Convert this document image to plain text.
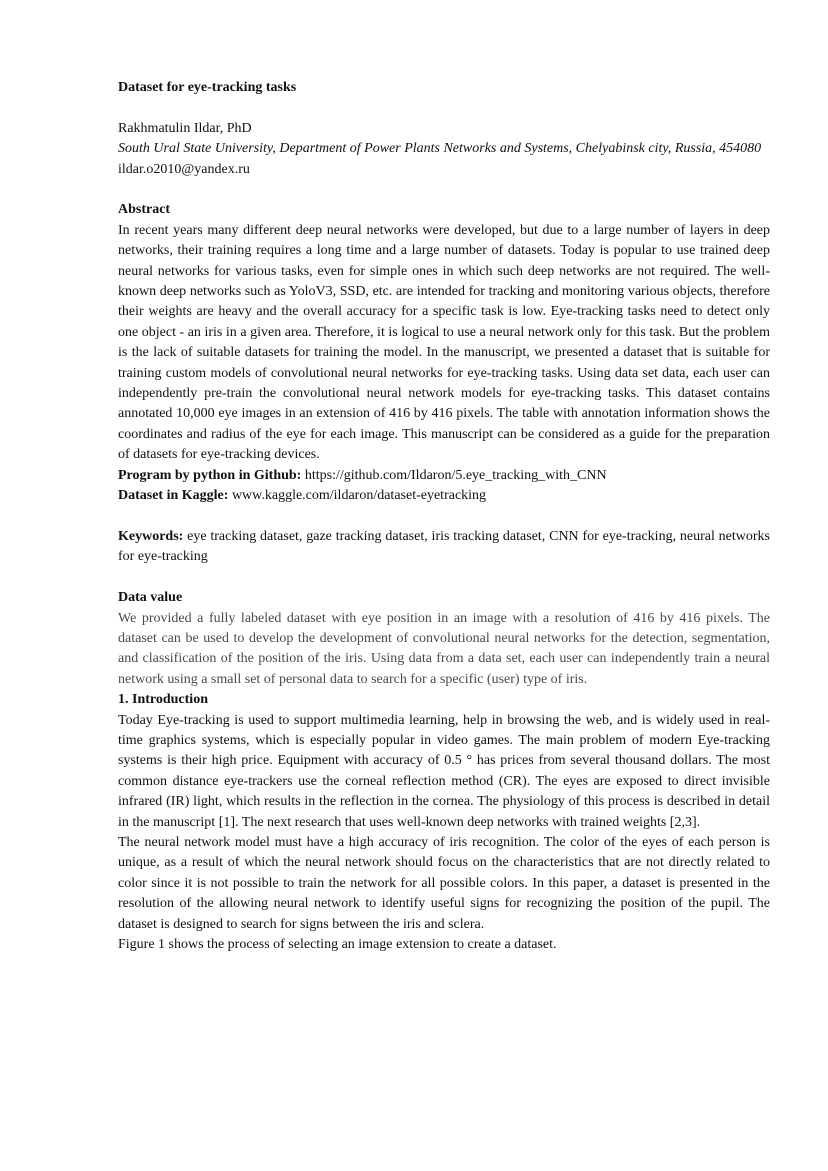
Dataset for eye-tracking tasks
Rakhmatulin Ildar, PhD
South Ural State University, Department of Power Plants Networks and Systems, Chelyabinsk city, Russia, 454080
ildar.o2010@yandex.ru
Abstract

In recent years many different deep neural networks were developed, but due to a large number of layers in deep networks, their training requires a long time and a large number of datasets. Today is popular to use trained deep neural networks for various tasks, even for simple ones in which such deep networks are not required. The well-known deep networks such as YoloV3, SSD, etc. are intended for tracking and monitoring various objects, therefore their weights are heavy and the overall accuracy for a specific task is low. Eye-tracking tasks need to detect only one object - an iris in a given area. Therefore, it is logical to use a neural network only for this task. But the problem is the lack of suitable datasets for training the model. In the manuscript, we presented a dataset that is suitable for training custom models of convolutional neural networks for eye-tracking tasks. Using data set data, each user can independently pre-train the convolutional neural network models for eye-tracking tasks. This dataset contains annotated 10,000 eye images in an extension of 416 by 416 pixels. The table with annotation information shows the coordinates and radius of the eye for each image. This manuscript can be considered as a guide for the preparation of datasets for eye-tracking devices.

Program by python in Github: https://github.com/Ildaron/5.eye_tracking_with_CNN
Dataset in Kaggle: www.kaggle.com/ildaron/dataset-eyetracking

Keywords: eye tracking dataset, gaze tracking dataset, iris tracking dataset, CNN for eye-tracking, neural networks for eye-tracking

Data value

We provided a fully labeled dataset with eye position in an image with a resolution of 416 by 416 pixels. The dataset can be used to develop the development of convolutional neural networks for the detection, segmentation, and classification of the position of the iris. Using data from a data set, each user can independently train a neural network using a small set of personal data to search for a specific (user) type of iris.

1. Introduction

Today Eye-tracking is used to support multimedia learning, help in browsing the web, and is widely used in real-time graphics systems, which is especially popular in video games. The main problem of modern Eye-tracking systems is their high price. Equipment with accuracy of 0.5 ° has prices from several thousand dollars. The most common distance eye-trackers use the corneal reflection method (CR). The eyes are exposed to direct invisible infrared (IR) light, which results in the reflection in the cornea. The physiology of this process is described in detail in the manuscript [1]. The next research that uses well-known deep networks with trained weights [2,3].

The neural network model must have a high accuracy of iris recognition. The color of the eyes of each person is unique, as a result of which the neural network should focus on the characteristics that are not directly related to color since it is not possible to train the network for all possible colors. In this paper, a dataset is presented in the resolution of the allowing neural network to identify useful signs for recognizing the position of the pupil. The dataset is designed to search for signs between the iris and sclera.

Figure 1 shows the process of selecting an image extension to create a dataset.
